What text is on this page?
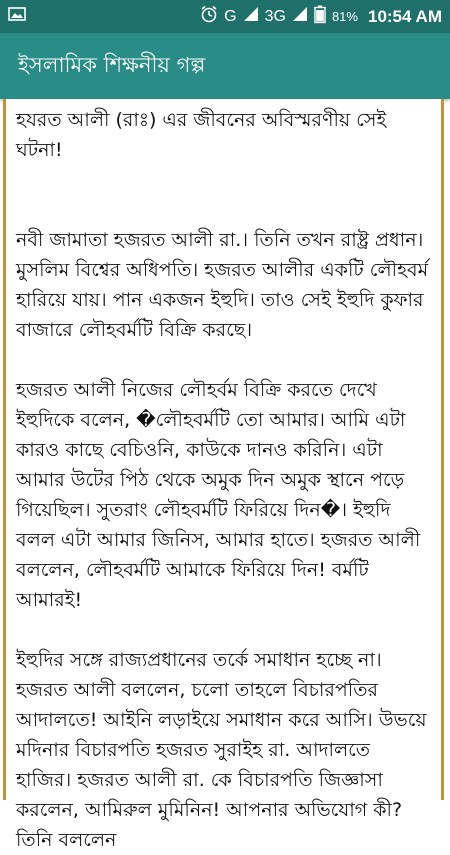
G 3G	81% 10:54 AM
ইসলামিক শিক্ষনীয় গল্প

হযরত আলী (রাঃ) এর জীবনের অবিস্মরণীয় সেই ঘটনা!

নবী জামাতা হজরত আলী রা.। তিনি তখন রাষ্ট্র প্রধান। মুসলিম বিশ্বের অধিপতি। হজরত আলীর একটি লৌহবর্ম হারিয়ে যায়। পান একজন ইহুদি। তাও সেই ইহুদি কুফার বাজারে লৌহবর্মটি বিক্রি করছে।

হজরত আলী নিজের লৌহর্বম বিক্রি করতে দেখে ইহুদিকে বলেন, �লৌহবর্মটি তো আমার। আমি এটা কারও কাছে বেচিওনি, কাউকে দানও করিনি। এটা আমার উটের পিঠ থেকে অমুক দিন অমুক স্থানে পড়ে গিয়েছিল। সুতরাং লৌহবর্মটি ফিরিয়ে দিন�। ইহুদি বলল এটা আমার জিনিস, আমার হাতে। হজরত আলী বললেন, লৌহবর্মটি আমাকে ফিরিয়ে দিন! বর্মটি আমারই!

ইহুদির সঙ্গে রাজ্যপ্রধানের তর্কে সমাধান হচ্ছে না। হজরত আলী বললেন, চলো তাহলে বিচারপতির আদালতে! আইনি লড়াইয়ে সমাধান করে আসি। উভয়ে মদিনার বিচারপতি হজরত সুরাইহ রা. আদালতে হাজির। হজরত আলী রা. কে বিচারপতি জিজ্ঞাসা করলেন, আমিরুল মুমিনিন! আপনার অভিযোগ কী? তিনি বললেন
